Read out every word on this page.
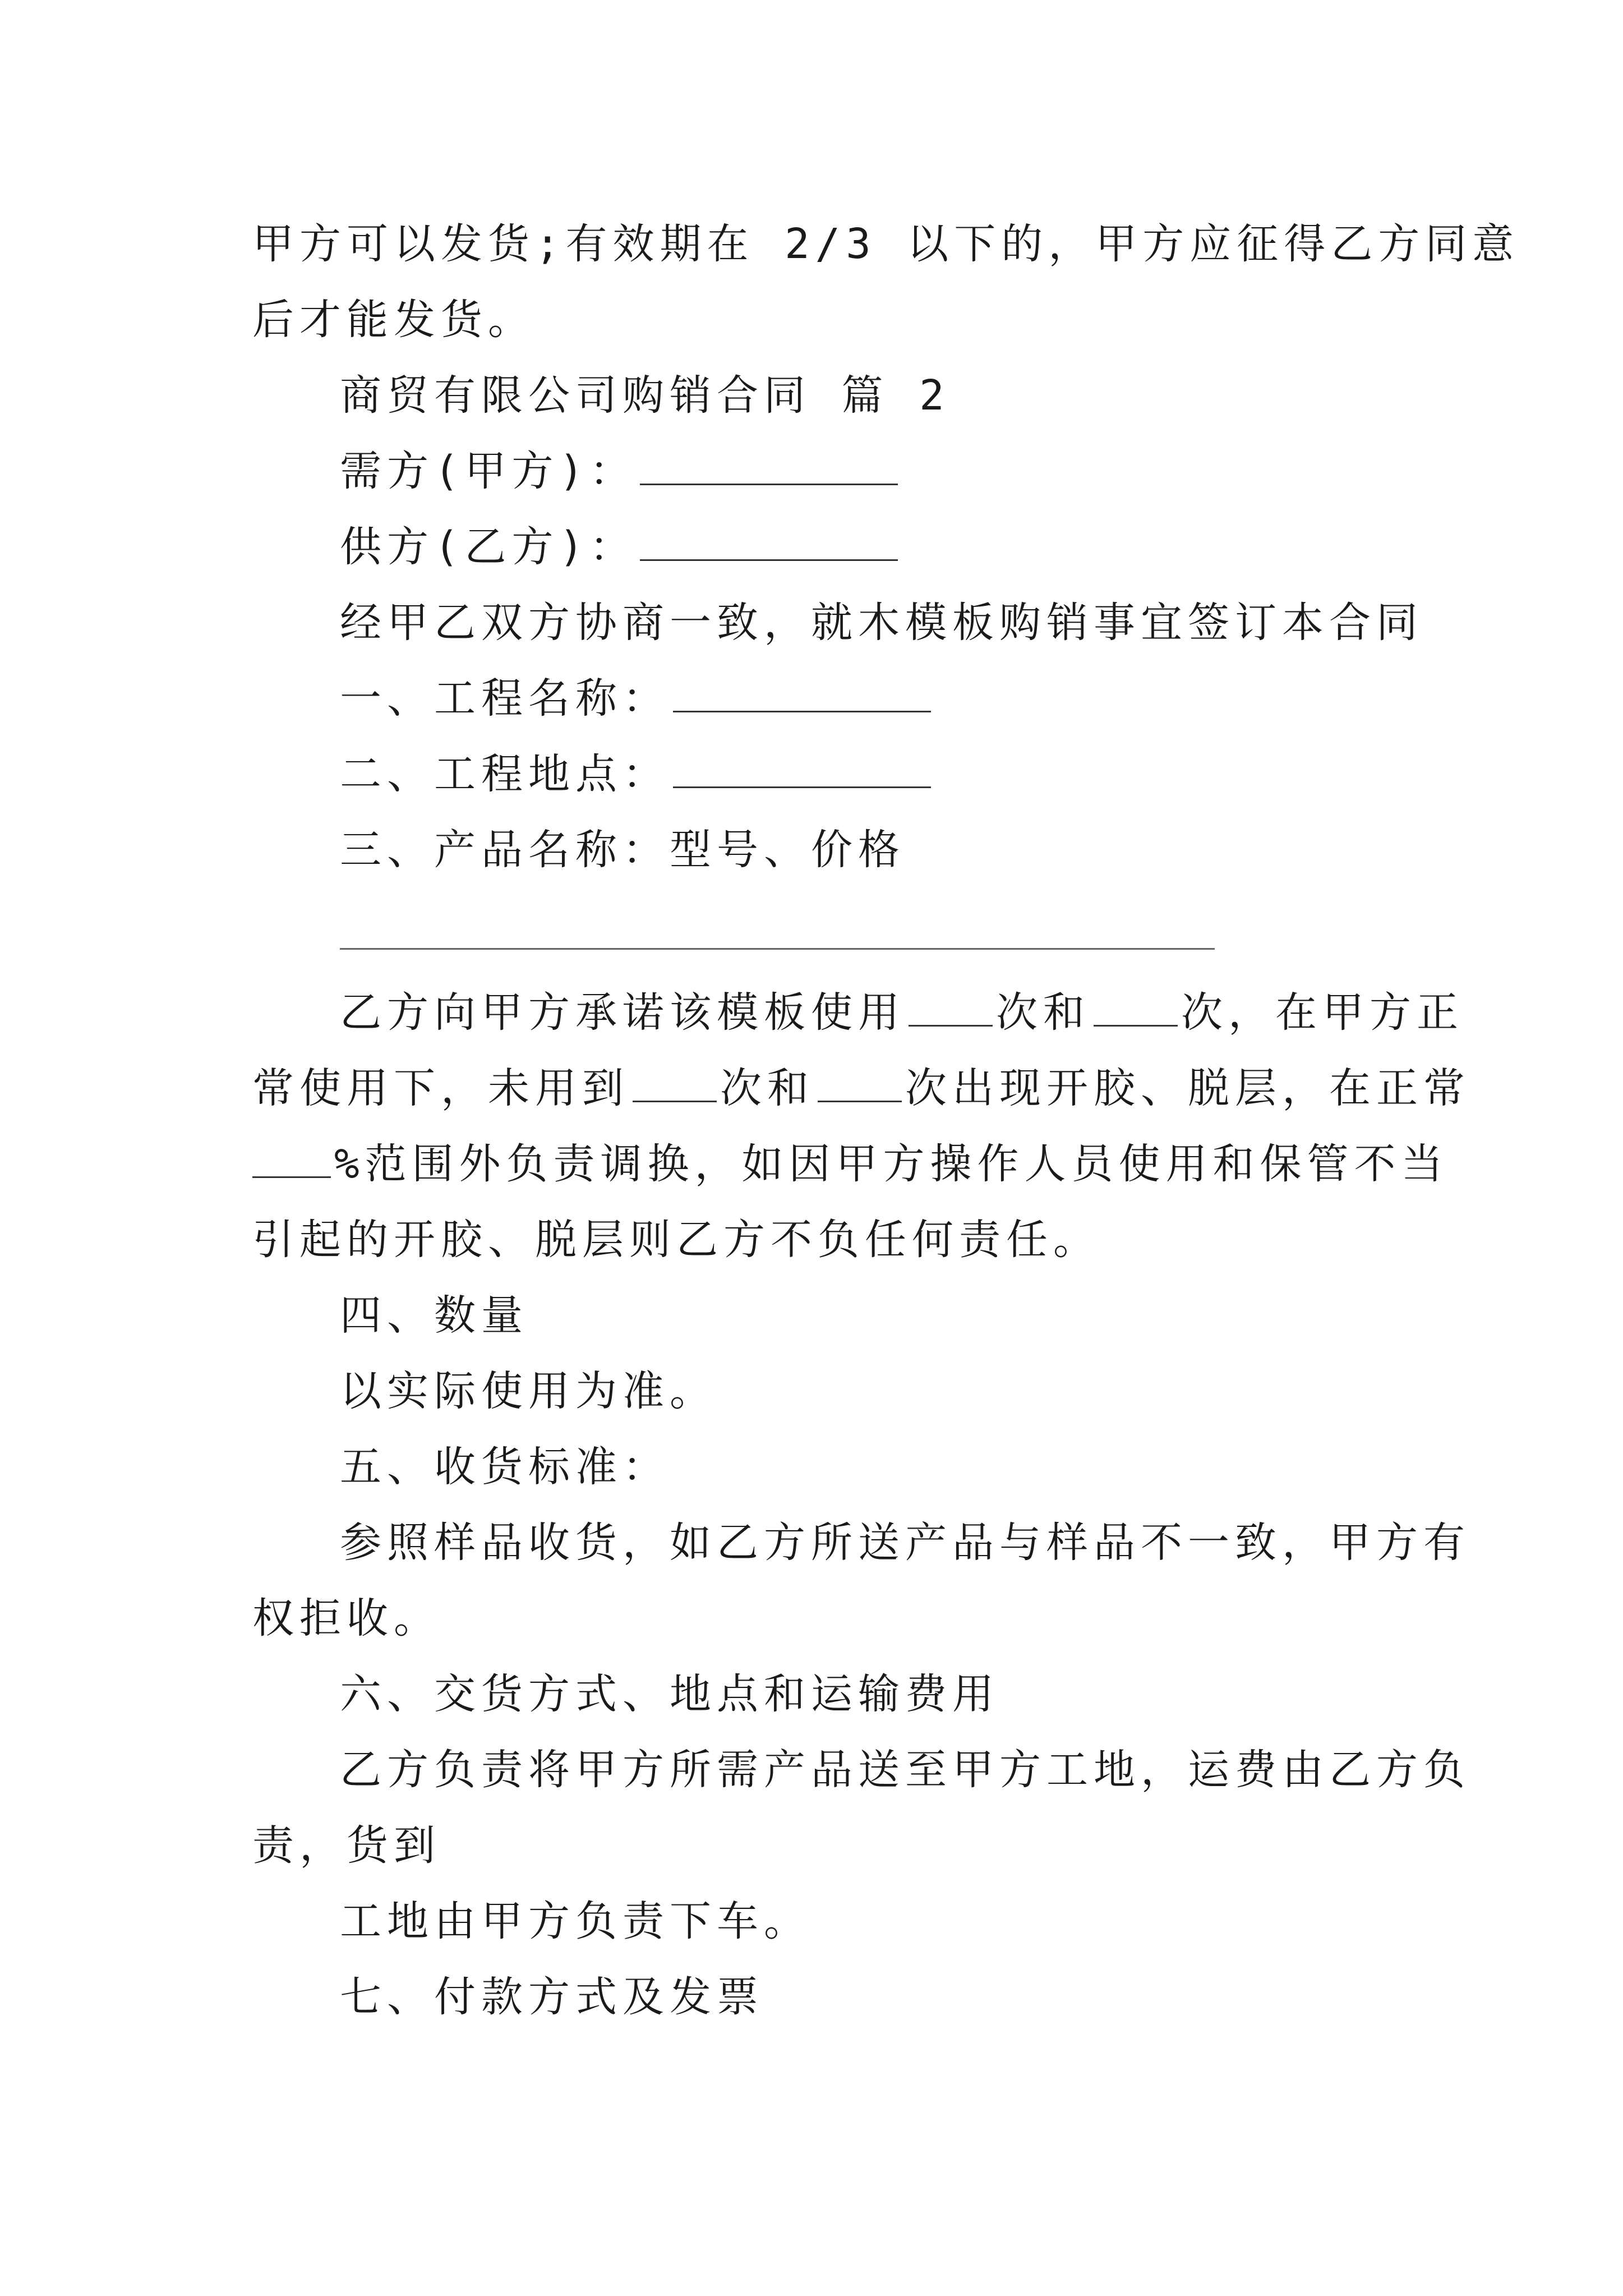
甲方可以发货;有效期在 2/3 以下的，甲方应征得乙方同意
后才能发货。
商贸有限公司购销合同 篇 2
需方(甲方)：
供方(乙方)：
经甲乙双方协商一致，就木模板购销事宜签订本合同
一、工程名称：
二、工程地点：
三、产品名称：型号、价格
乙方向甲方承诺该模板使用 次和 次，在甲方正
常使用下，未用到 次和 次出现开胶、脱层，在正常
%范围外负责调换，如因甲方操作人员使用和保管不当
引起的开胶、脱层则乙方不负任何责任。
四、数量
以实际使用为准。
五、收货标准：
参照样品收货，如乙方所送产品与样品不一致，甲方有
权拒收。
六、交货方式、地点和运输费用
乙方负责将甲方所需产品送至甲方工地，运费由乙方负
责，货到
工地由甲方负责下车。
七、付款方式及发票
